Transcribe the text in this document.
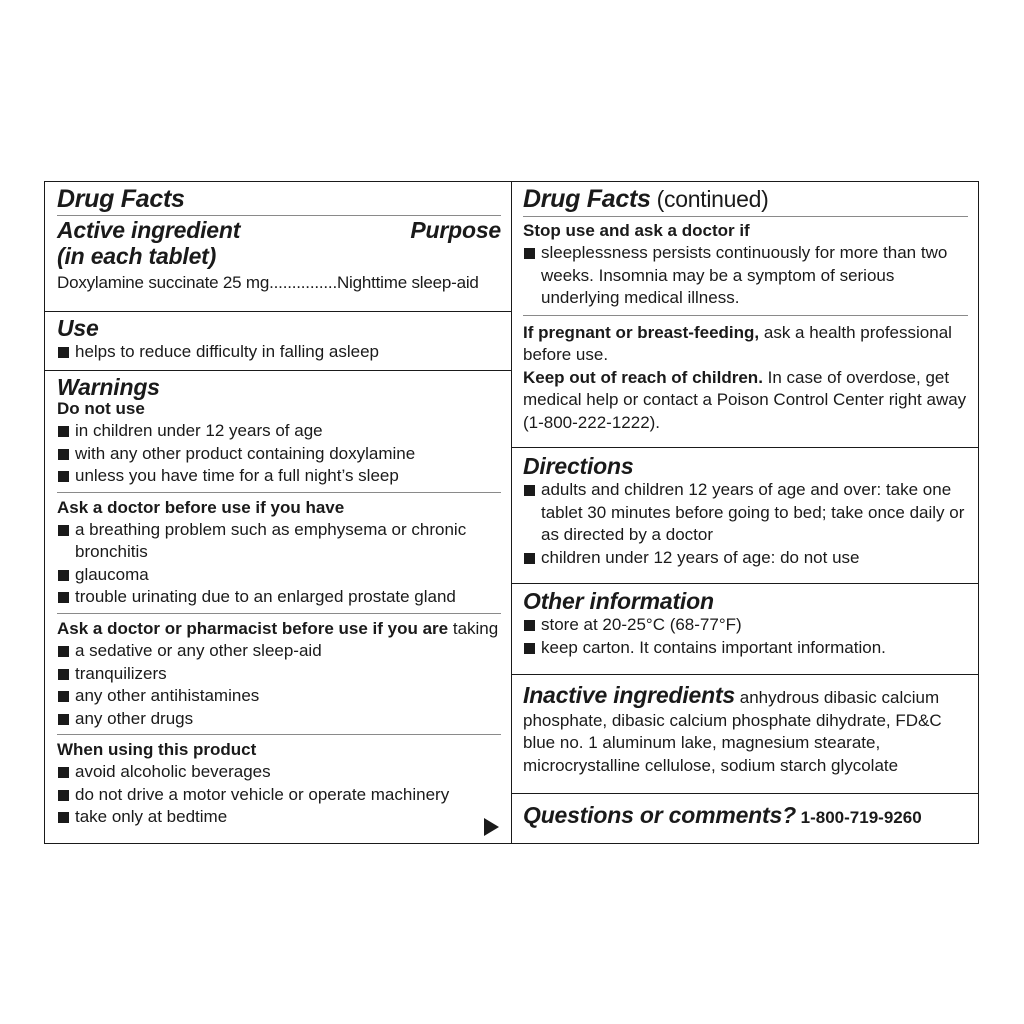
Drug Facts
Active ingredient	Purpose
(in each tablet)
Doxylamine succinate 25 mg...............Nighttime sleep-aid
Use
helps to reduce difficulty in falling asleep
Warnings
Do not use
in children under 12 years of age
with any other product containing doxylamine
unless you have time for a full night’s sleep
Ask a doctor before use if you have
a breathing problem such as emphysema or chronic bronchitis
glaucoma
trouble urinating due to an enlarged prostate gland
Ask a doctor or pharmacist before use if you are taking
a sedative or any other sleep-aid
tranquilizers
any other antihistamines
any other drugs
When using this product
avoid alcoholic beverages
do not drive a motor vehicle or operate machinery
take only at bedtime
Drug Facts (continued)
Stop use and ask a doctor if
sleeplessness persists continuously for more than two weeks. Insomnia may be a symptom of serious underlying medical illness.
If pregnant or breast-feeding, ask a health professional before use.
Keep out of reach of children. In case of overdose, get medical help or contact a Poison Control Center right away (1-800-222-1222).
Directions
adults and children 12 years of age and over: take one tablet 30 minutes before going to bed; take once daily or as directed by a doctor
children under 12 years of age: do not use
Other information
store at 20-25°C (68-77°F)
keep carton. It contains important information.
Inactive ingredients anhydrous dibasic calcium phosphate, dibasic calcium phosphate dihydrate, FD&C blue no. 1 aluminum lake, magnesium stearate, microcrystalline cellulose, sodium starch glycolate
Questions or comments? 1-800-719-9260
